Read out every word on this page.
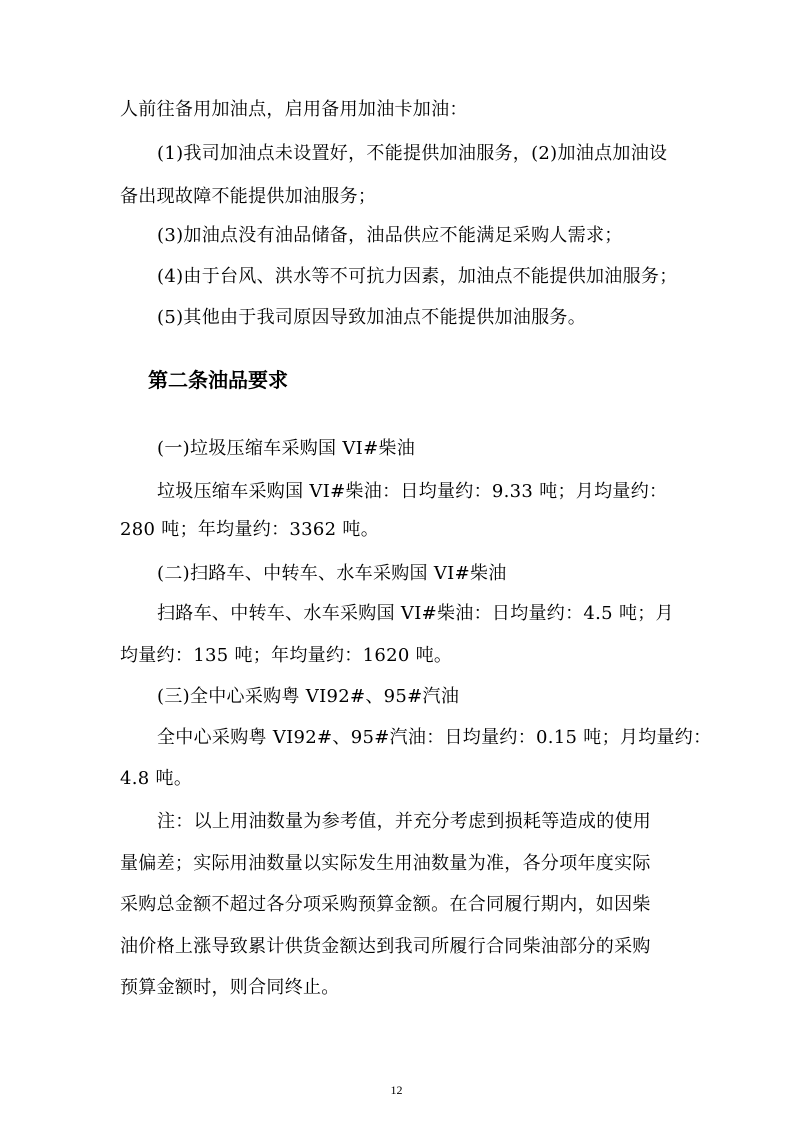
人前往备用加油点，启用备用加油卡加油：
(1)我司加油点未设置好，不能提供加油服务，(2)加油点加油设
备出现故障不能提供加油服务；
(3)加油点没有油品储备，油品供应不能满足采购人需求；
(4)由于台风、洪水等不可抗力因素，加油点不能提供加油服务；
(5)其他由于我司原因导致加油点不能提供加油服务。
第二条油品要求
(一)垃圾压缩车采购国 VI#柴油
垃圾压缩车采购国 VI#柴油：日均量约：9.33 吨；月均量约：
280 吨；年均量约：3362 吨。
(二)扫路车、中转车、水车采购国 VI#柴油
扫路车、中转车、水车采购国 VI#柴油：日均量约：4.5 吨；月
均量约：135 吨；年均量约：1620 吨。
(三)全中心采购粤 VI92#、95#汽油
全中心采购粤 VI92#、95#汽油：日均量约：0.15 吨；月均量约：
4.8 吨。
注：以上用油数量为参考值，并充分考虑到损耗等造成的使用
量偏差；实际用油数量以实际发生用油数量为准，各分项年度实际
采购总金额不超过各分项采购预算金额。在合同履行期内，如因柴
油价格上涨导致累计供货金额达到我司所履行合同柴油部分的采购
预算金额时，则合同终止。
12
